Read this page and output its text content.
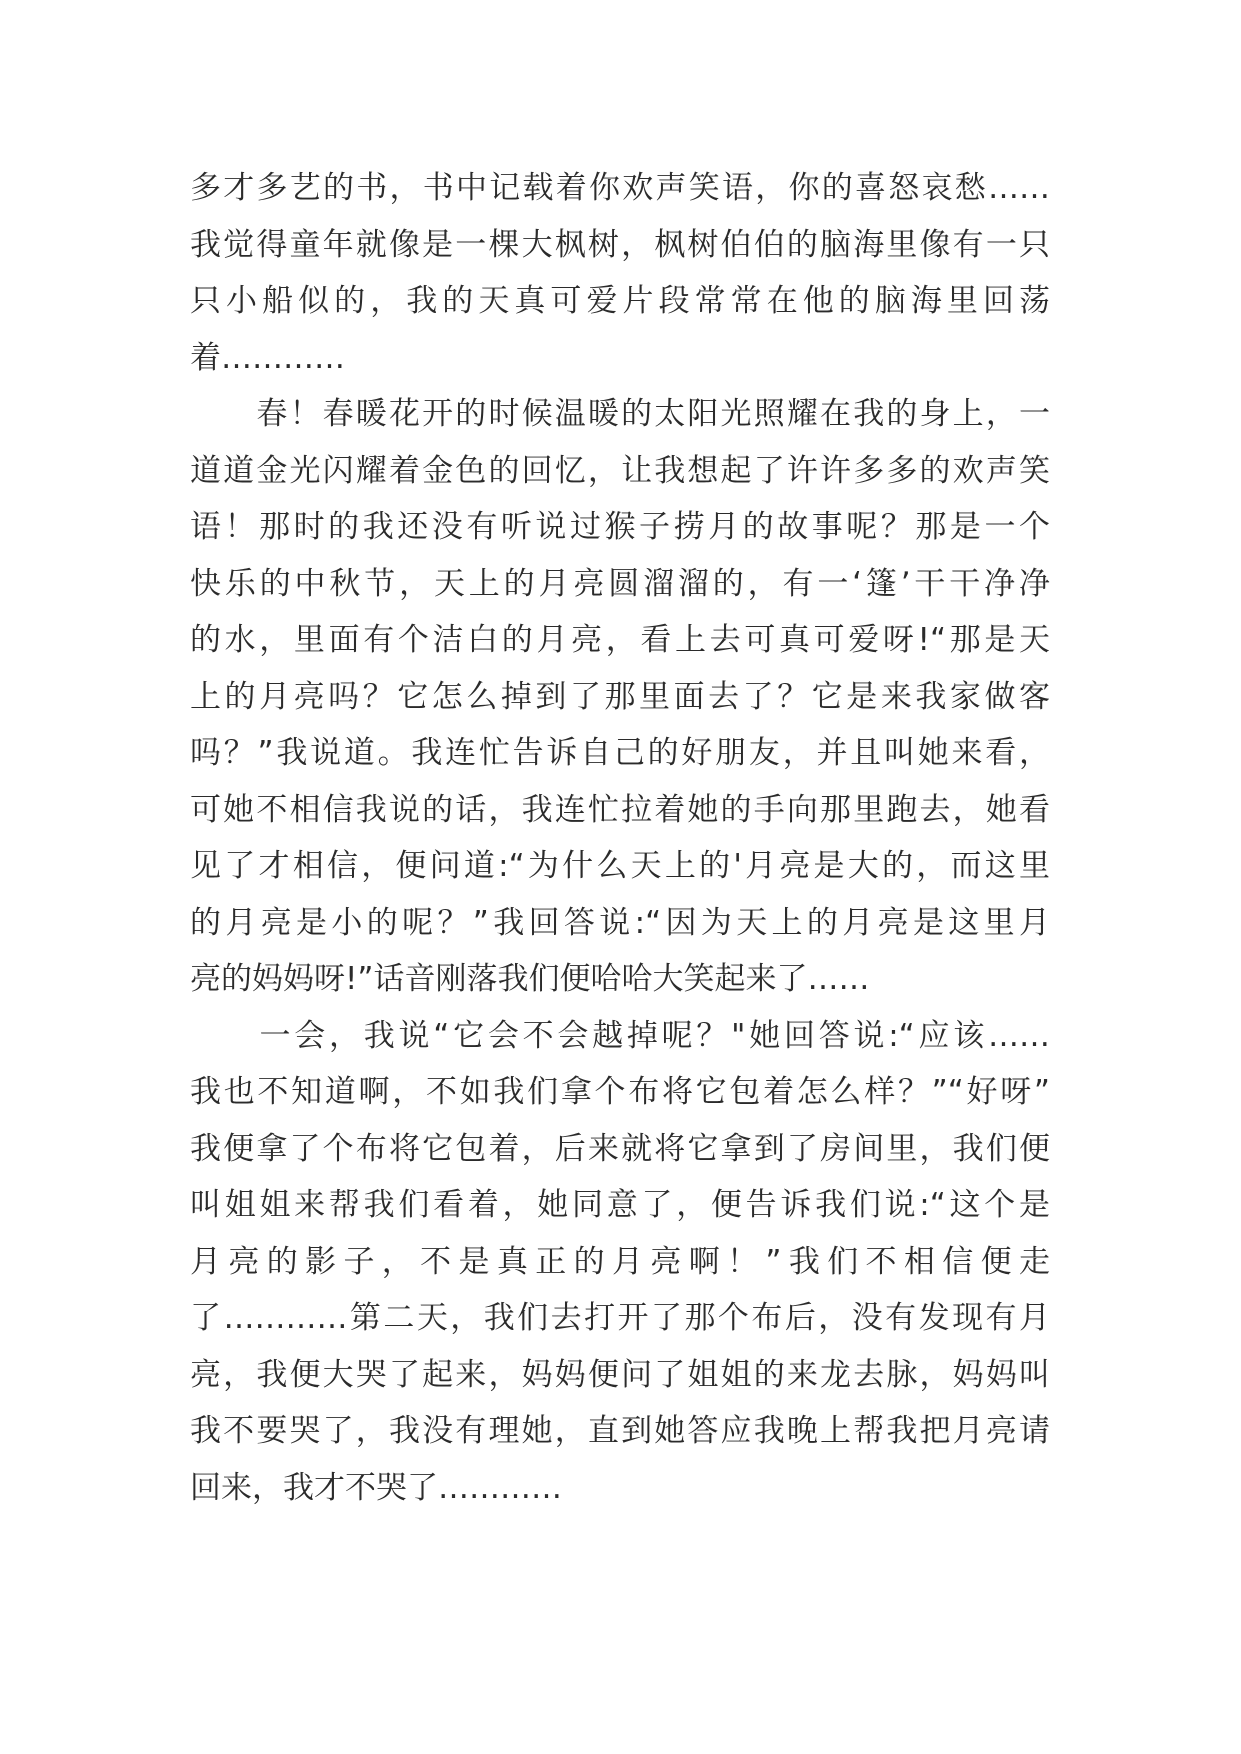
多才多艺的书，书中记载着你欢声笑语，你的喜怒哀愁……
我觉得童年就像是一棵大枫树，枫树伯伯的脑海里像有一只
只小船似的，我的天真可爱片段常常在他的脑海里回荡
着…………
　　春！春暖花开的时候温暖的太阳光照耀在我的身上，一
道道金光闪耀着金色的回忆，让我想起了许许多多的欢声笑
语！那时的我还没有听说过猴子捞月的故事呢？那是一个
快乐的中秋节，天上的月亮圆溜溜的，有一‘篷’干干净净
的水，里面有个洁白的月亮，看上去可真可爱呀!“那是天
上的月亮吗？它怎么掉到了那里面去了？它是来我家做客
吗？”我说道。我连忙告诉自己的好朋友，并且叫她来看，
可她不相信我说的话，我连忙拉着她的手向那里跑去，她看
见了才相信，便问道:“为什么天上的'月亮是大的，而这里
的月亮是小的呢？”我回答说:“因为天上的月亮是这里月
亮的妈妈呀!”话音刚落我们便哈哈大笑起来了……
　　一会，我说“它会不会越掉呢？"她回答说:“应该……
我也不知道啊，不如我们拿个布将它包着怎么样？”“好呀”
我便拿了个布将它包着，后来就将它拿到了房间里，我们便
叫姐姐来帮我们看着，她同意了，便告诉我们说:“这个是
月亮的影子，不是真正的月亮啊！”我们不相信便走
了…………第二天，我们去打开了那个布后，没有发现有月
亮，我便大哭了起来，妈妈便问了姐姐的来龙去脉，妈妈叫
我不要哭了，我没有理她，直到她答应我晚上帮我把月亮请
回来，我才不哭了…………
